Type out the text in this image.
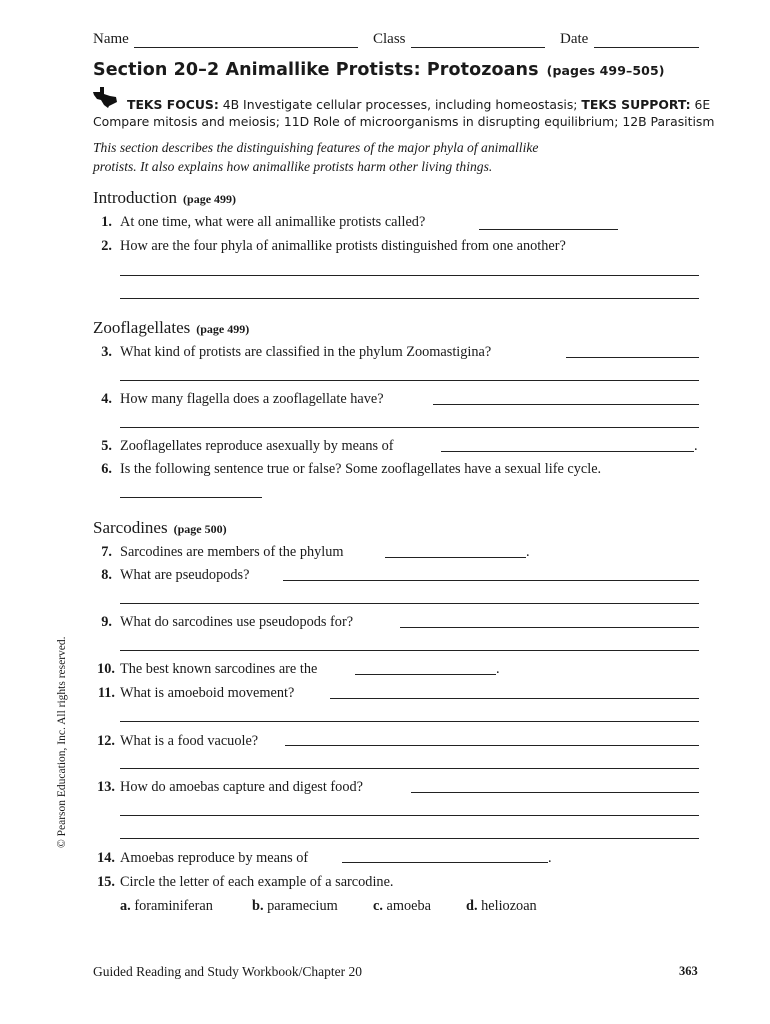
Name	Class	Date
Section 20–2 Animallike Protists: Protozoans (pages 499–505)
TEKS FOCUS: 4B Investigate cellular processes, including homeostasis; TEKS SUPPORT: 6E
Compare mitosis and meiosis; 11D Role of microorganisms in disrupting equilibrium; 12B Parasitism
This section describes the distinguishing features of the major phyla of animallike protists. It also explains how animallike protists harm other living things.
Introduction (page 499)
1. At one time, what were all animallike protists called?
2. How are the four phyla of animallike protists distinguished from one another?
Zooflagellates (page 499)
3. What kind of protists are classified in the phylum Zoomastigina?
4. How many flagella does a zooflagellate have?
5. Zooflagellates reproduce asexually by means of	.
6. Is the following sentence true or false? Some zooflagellates have a sexual life cycle.
Sarcodines (page 500)
7. Sarcodines are members of the phylum	.
8. What are pseudopods?
9. What do sarcodines use pseudopods for?
10. The best known sarcodines are the	.
11. What is amoeboid movement?
12. What is a food vacuole?
13. How do amoebas capture and digest food?
14. Amoebas reproduce by means of	.
15. Circle the letter of each example of a sarcodine.
a. foraminiferan	b. paramecium c. amoeba d. heliozoan
© Pearson Education, Inc. All rights reserved.
Guided Reading and Study Workbook/Chapter 20	363
